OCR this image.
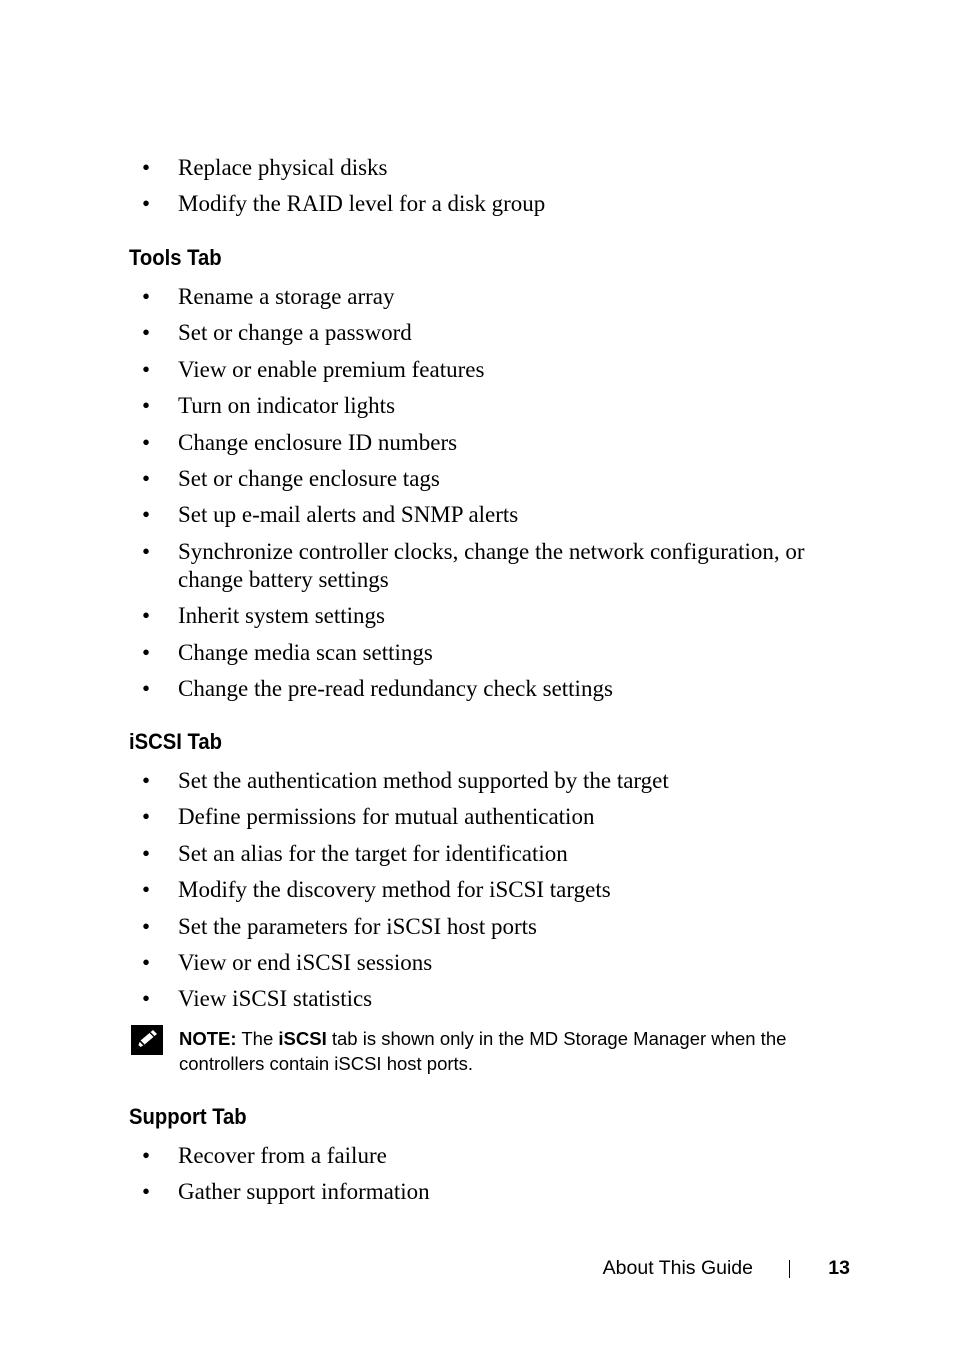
• Replace physical disks
• Modify the RAID level for a disk group
Tools Tab
• Rename a storage array
• Set or change a password
• View or enable premium features
• Turn on indicator lights
• Change enclosure ID numbers
• Set or change enclosure tags
• Set up e-mail alerts and SNMP alerts
• Synchronize controller clocks, change the network configuration, or change battery settings
• Inherit system settings
• Change media scan settings
• Change the pre-read redundancy check settings
iSCSI Tab
• Set the authentication method supported by the target
• Define permissions for mutual authentication
• Set an alias for the target for identification
• Modify the discovery method for iSCSI targets
• Set the parameters for iSCSI host ports
• View or end iSCSI sessions
• View iSCSI statistics
NOTE: The iSCSI tab is shown only in the MD Storage Manager when the controllers contain iSCSI host ports.
Support Tab
• Recover from a failure
• Gather support information
About This Guide	13
